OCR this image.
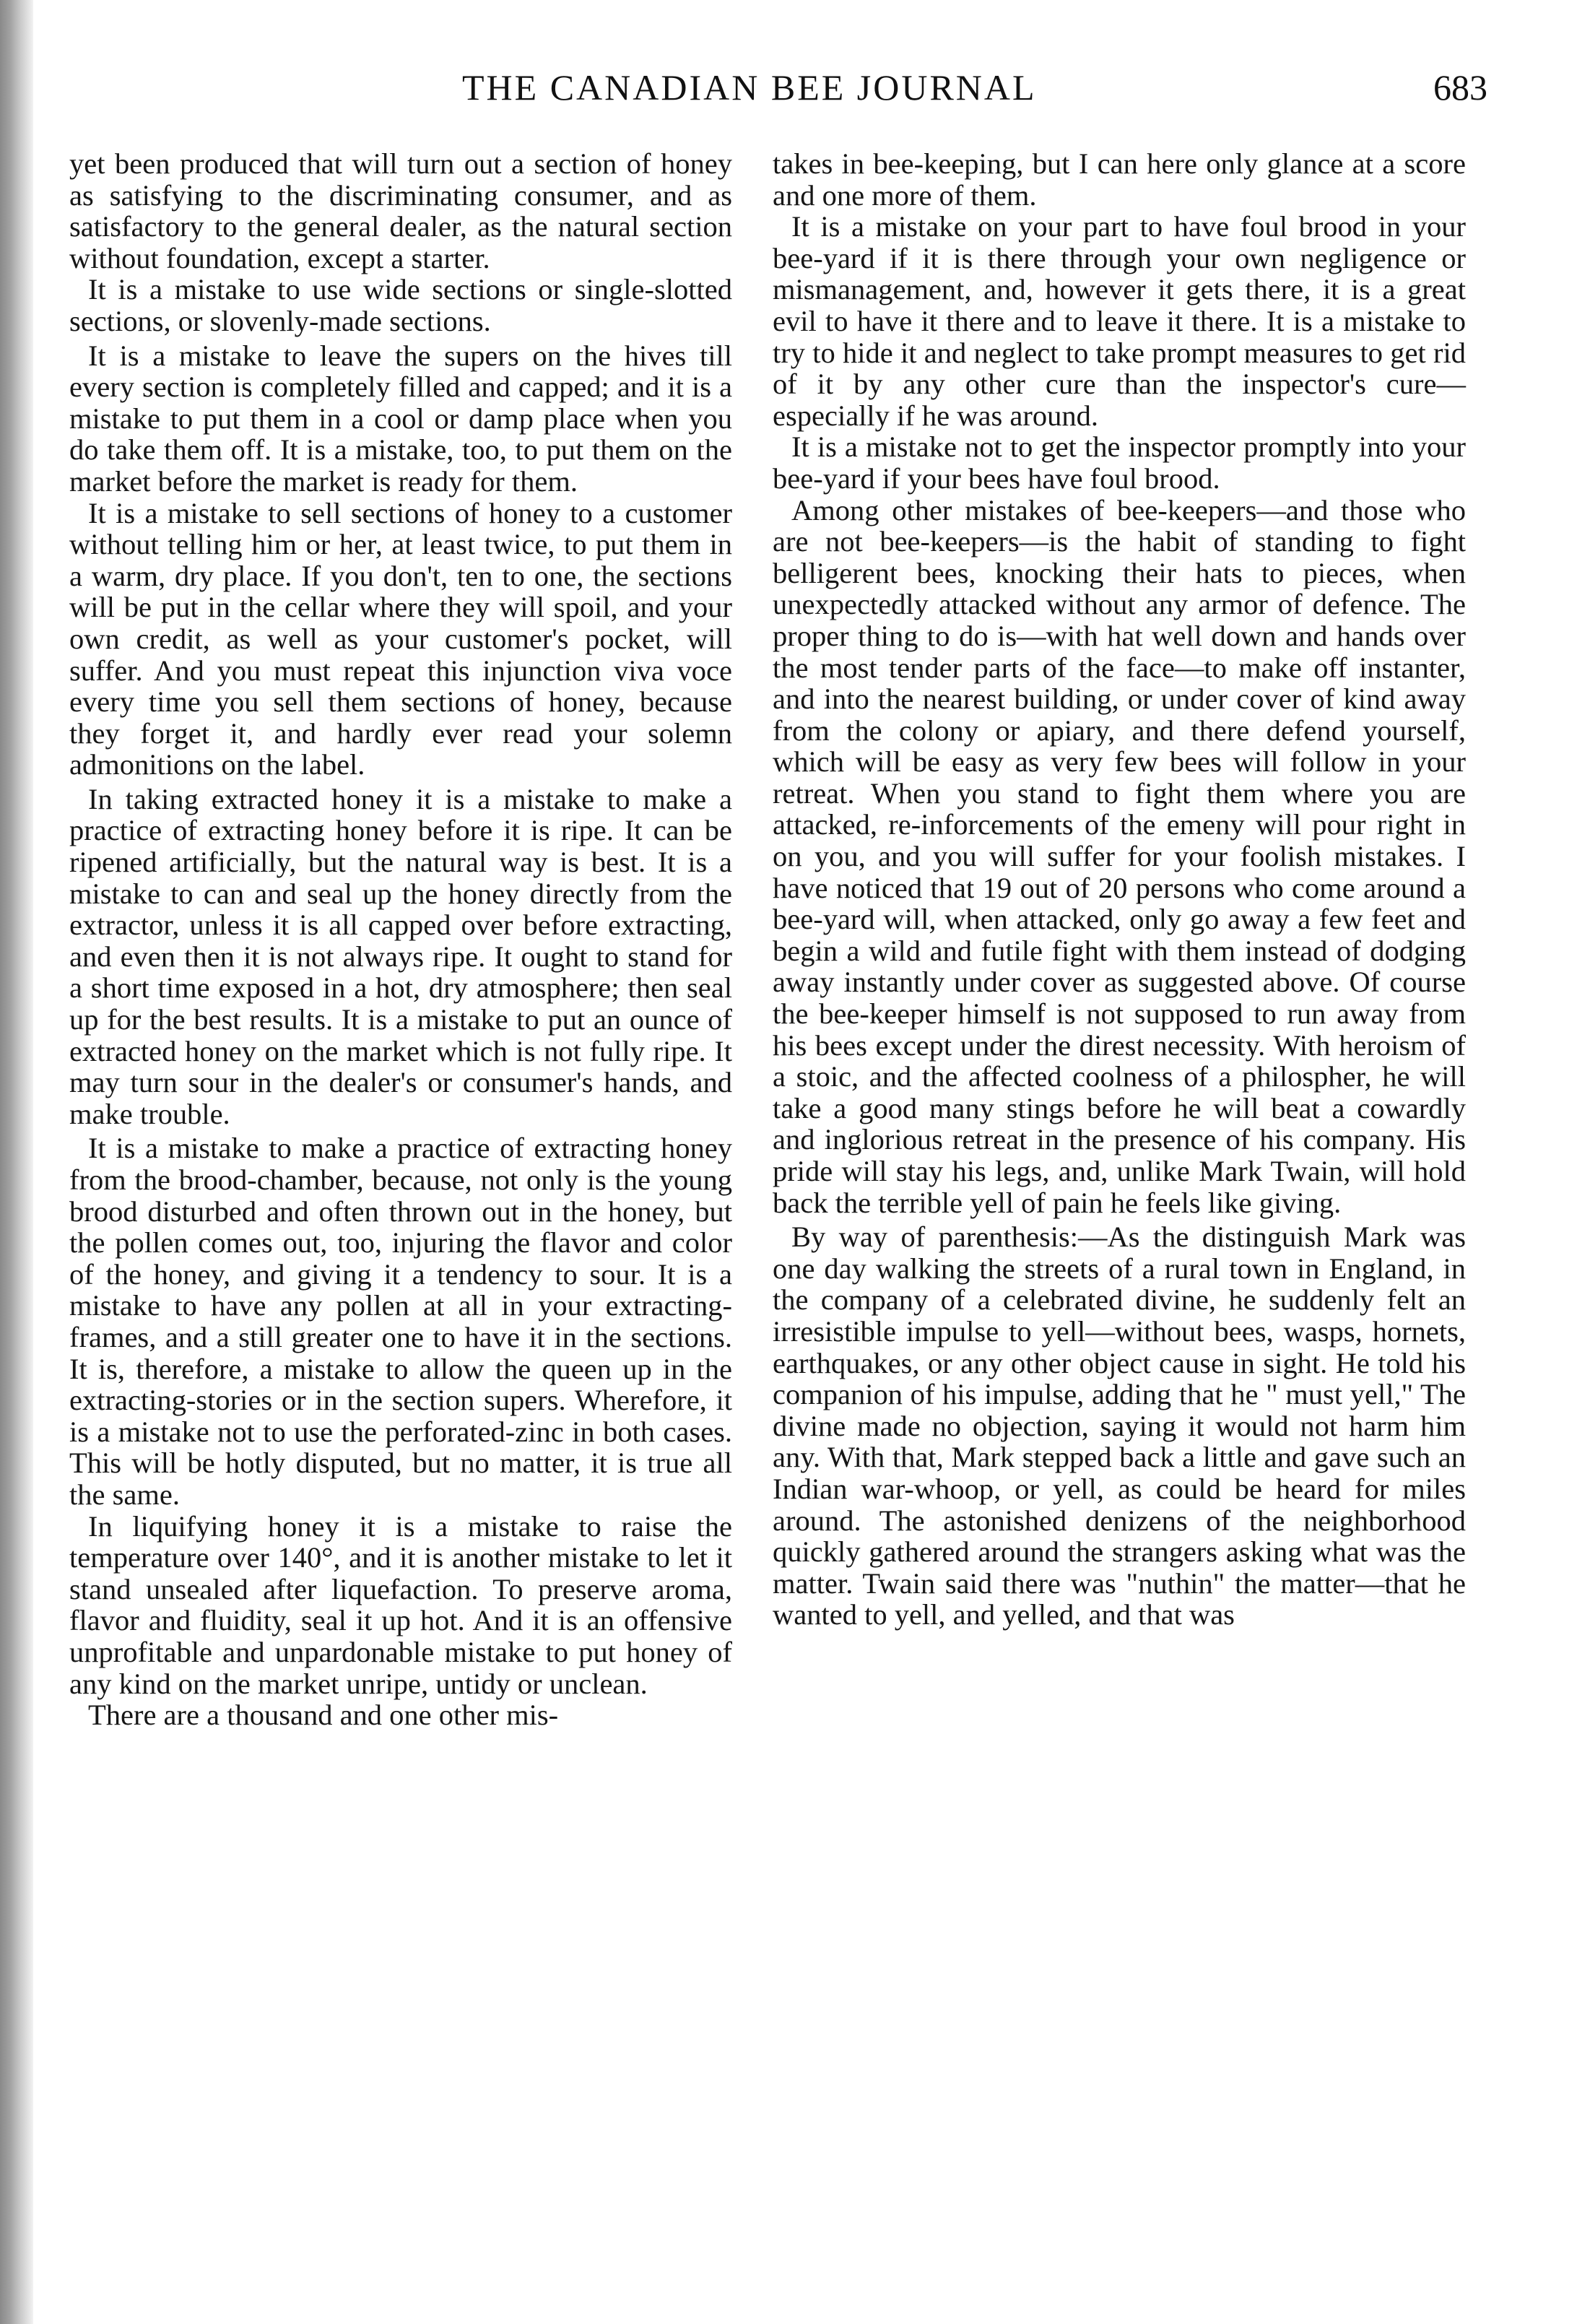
THE CANADIAN BEE JOURNAL	683

yet been produced that will turn out a section of honey as satisfying to the discriminating consumer, and as satisfactory to the general dealer, as the natural section without foundation, except a starter.

It is a mistake to use wide sections or single-slotted sections, or slovenly-made sections.

It is a mistake to leave the supers on the hives till every section is completely filled and capped; and it is a mistake to put them in a cool or damp place when you do take them off. It is a mistake, too, to put them on the market before the market is ready for them.

It is a mistake to sell sections of honey to a customer without telling him or her, at least twice, to put them in a warm, dry place. If you don't, ten to one, the sections will be put in the cellar where they will spoil, and your own credit, as well as your customer's pocket, will suffer. And you must repeat this injunction viva voce every time you sell them sections of honey, because they forget it, and hardly ever read your solemn admonitions on the label.

In taking extracted honey it is a mistake to make a practice of extracting honey before it is ripe. It can be ripened artificially, but the natural way is best. It is a mistake to can and seal up the honey directly from the extractor, unless it is all capped over before extracting, and even then it is not always ripe. It ought to stand for a short time exposed in a hot, dry atmosphere; then seal up for the best results. It is a mistake to put an ounce of extracted honey on the market which is not fully ripe. It may turn sour in the dealer's or consumer's hands, and make trouble.

It is a mistake to make a practice of extracting honey from the brood-chamber, because, not only is the young brood disturbed and often thrown out in the honey, but the pollen comes out, too, injuring the flavor and color of the honey, and giving it a tendency to sour. It is a mistake to have any pollen at all in your extracting-frames, and a still greater one to have it in the sections. It is, therefore, a mistake to allow the queen up in the extracting-stories or in the section supers. Wherefore, it is a mistake not to use the perforated-zinc in both cases. This will be hotly disputed, but no matter, it is true all the same.

In liquifying honey it is a mistake to raise the temperature over 140°, and it is another mistake to let it stand unsealed after liquefaction. To preserve aroma, flavor and fluidity, seal it up hot. And it is an offensive unprofitable and unpardonable mistake to put honey of any kind on the market unripe, untidy or unclean.

There are a thousand and one other mis-

takes in bee-keeping, but I can here only glance at a score and one more of them.

It is a mistake on your part to have foul brood in your bee-yard if it is there through your own negligence or mismanagement, and, however it gets there, it is a great evil to have it there and to leave it there. It is a mistake to try to hide it and neglect to take prompt measures to get rid of it by any other cure than the inspector's cure—especially if he was around.

It is a mistake not to get the inspector promptly into your bee-yard if your bees have foul brood.

Among other mistakes of bee-keepers—and those who are not bee-keepers—is the habit of standing to fight belligerent bees, knocking their hats to pieces, when unexpectedly attacked without any armor of defence. The proper thing to do is—with hat well down and hands over the most tender parts of the face—to make off instanter, and into the nearest building, or under cover of kind away from the colony or apiary, and there defend yourself, which will be easy as very few bees will follow in your retreat. When you stand to fight them where you are attacked, re-inforcements of the emeny will pour right in on you, and you will suffer for your foolish mistakes. I have noticed that 19 out of 20 persons who come around a bee-yard will, when attacked, only go away a few feet and begin a wild and futile fight with them instead of dodging away instantly under cover as suggested above. Of course the bee-keeper himself is not supposed to run away from his bees except under the direst necessity. With heroism of a stoic, and the affected coolness of a philospher, he will take a good many stings before he will beat a cowardly and inglorious retreat in the presence of his company. His pride will stay his legs, and, unlike Mark Twain, will hold back the terrible yell of pain he feels like giving.

By way of parenthesis:—As the distinguish Mark was one day walking the streets of a rural town in England, in the company of a celebrated divine, he suddenly felt an irresistible impulse to yell—without bees, wasps, hornets, earthquakes, or any other object cause in sight. He told his companion of his impulse, adding that he " must yell," The divine made no objection, saying it would not harm him any. With that, Mark stepped back a little and gave such an Indian war-whoop, or yell, as could be heard for miles around. The astonished denizens of the neighborhood quickly gathered around the strangers asking what was the matter. Twain said there was "nuthin" the matter—that he wanted to yell, and yelled, and that was
